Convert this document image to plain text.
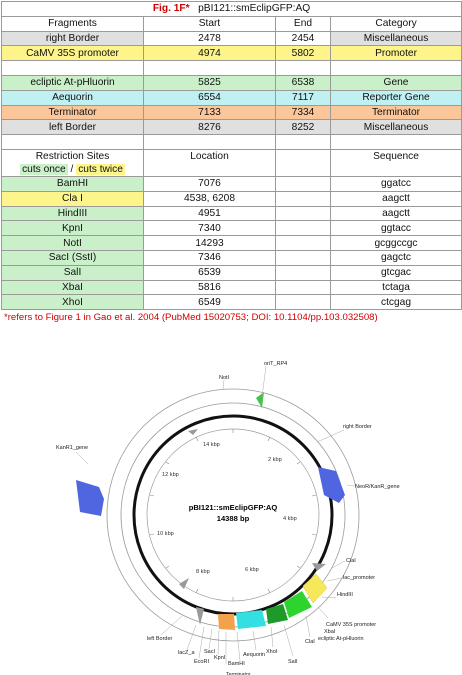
Fig. 1F* pBI121::smEclipGFP:AQ			
Fragments	Start	End	Category
right Border	2478	2454	Miscellaneous
CaMV 35S promoter	4974	5802	Promoter

ecliptic At-pHluorin	5825	6538	Gene
Aequorin	6554	7117	Reporter Gene
Terminator	7133	7334	Terminator
left Border	8276	8252	Miscellaneous

Restriction Sites
cuts once / cuts twice	Location		Sequence
BamHI	7076		ggatcc
Cla I	4538, 6208		aagctt
HindIII	4951		aagctt
KpnI	7340		ggtacc
NotI	14293		gcggccgc
SacI (SstI)	7346		gagctc
SalI	6539		gtcgac
XbaI	5816		tctaga
XhoI	6549		ctcgag
*refers to Figure 1 in Gao et al. 2004 (PubMed 15020753; DOI: 10.1104/pp.103.032508)
14 kbp
2 kbp
4 kbp
6 kbp
8 kbp
10 kbp
12 kbp
pBI121::smEclipGFP:AQ
14388 bp
NotI
oriT_RP4
right Border
NeoR/KanR_gene
ClaI
lac_promoter
HindIII
CaMV 35S promoter
XbaI
ClaI ecliptic At-pHluorin
SalI
XhoI
Aequorin
BamHI
Terminator
KpnI
SacI
EcoRI
lacZ_a
left Border
KanR1_gene
